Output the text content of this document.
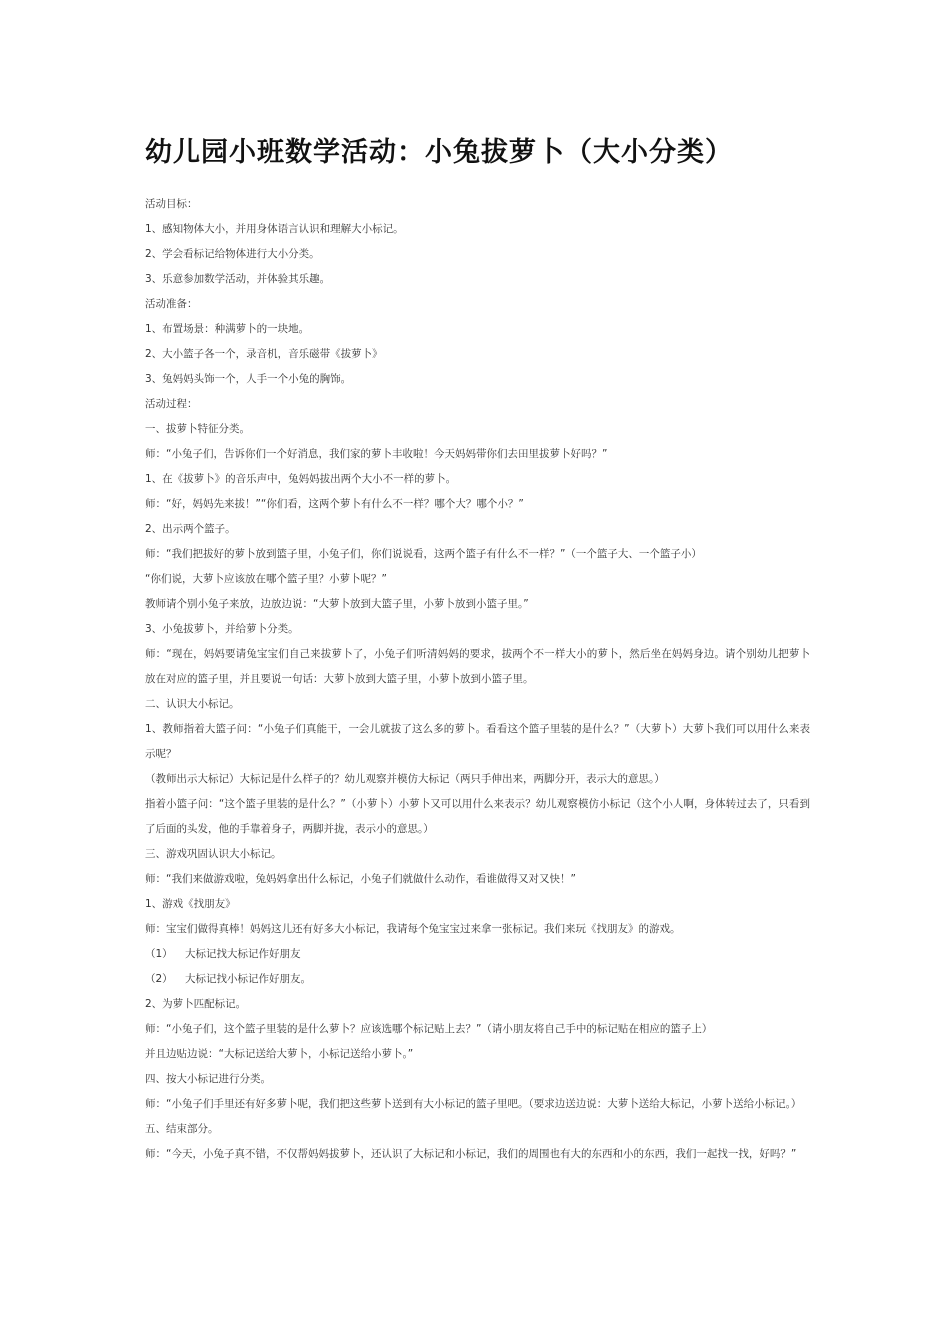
幼儿园小班数学活动：小兔拔萝卜（大小分类）

活动目标：

1、感知物体大小，并用身体语言认识和理解大小标记。

2、学会看标记给物体进行大小分类。

3、乐意参加数学活动，并体验其乐趣。

活动准备：

1、布置场景：种满萝卜的一块地。

2、大小篮子各一个，录音机，音乐磁带《拔萝卜》

3、兔妈妈头饰一个，人手一个小兔的胸饰。

活动过程：

一、拔萝卜特征分类。

师：“小兔子们，告诉你们一个好消息，我们家的萝卜丰收啦！今天妈妈带你们去田里拔萝卜好吗？”

1、在《拔萝卜》的音乐声中，兔妈妈拔出两个大小不一样的萝卜。

师：“好，妈妈先来拔！”“你们看，这两个萝卜有什么不一样？哪个大？哪个小？”

2、出示两个篮子。

师：“我们把拔好的萝卜放到篮子里，小兔子们，你们说说看，这两个篮子有什么不一样？”（一个篮子大、一个篮子小）

“你们说，大萝卜应该放在哪个篮子里？小萝卜呢？”

教师请个别小兔子来放，边放边说：“大萝卜放到大篮子里，小萝卜放到小篮子里。”

3、小兔拔萝卜，并给萝卜分类。

师：“现在，妈妈要请兔宝宝们自己来拔萝卜了，小兔子们听清妈妈的要求，拔两个不一样大小的萝卜，然后坐在妈妈身边。请个别幼儿把萝卜放在对应的篮子里，并且要说一句话：大萝卜放到大篮子里，小萝卜放到小篮子里。

二、认识大小标记。

1、教师指着大篮子问：“小兔子们真能干，一会儿就拔了这么多的萝卜。看看这个篮子里装的是什么？”（大萝卜）大萝卜我们可以用什么来表示呢？

（教师出示大标记）大标记是什么样子的？幼儿观察并模仿大标记（两只手伸出来，两脚分开，表示大的意思。）

指着小篮子问：“这个篮子里装的是什么？”（小萝卜）小萝卜又可以用什么来表示？幼儿观察模仿小标记（这个小人啊，身体转过去了，只看到了后面的头发，他的手靠着身子，两脚并拢，表示小的意思。）

三、游戏巩固认识大小标记。

师：“我们来做游戏啦，兔妈妈拿出什么标记，小兔子们就做什么动作，看谁做得又对又快！”

1、游戏《找朋友》

师：宝宝们做得真棒！妈妈这儿还有好多大小标记，我请每个兔宝宝过来拿一张标记。我们来玩《找朋友》的游戏。

（1） 大标记找大标记作好朋友

（2） 大标记找小标记作好朋友。

2、为萝卜匹配标记。

师：“小兔子们，这个篮子里装的是什么萝卜？应该选哪个标记贴上去？”（请小朋友将自己手中的标记贴在相应的篮子上）

并且边贴边说：“大标记送给大萝卜，小标记送给小萝卜。”

四、按大小标记进行分类。

师：“小兔子们手里还有好多萝卜呢，我们把这些萝卜送到有大小标记的篮子里吧。（要求边送边说：大萝卜送给大标记，小萝卜送给小标记。）

五、结束部分。

师：“今天，小兔子真不错，不仅帮妈妈拔萝卜，还认识了大标记和小标记，我们的周围也有大的东西和小的东西，我们一起找一找，好吗？”
